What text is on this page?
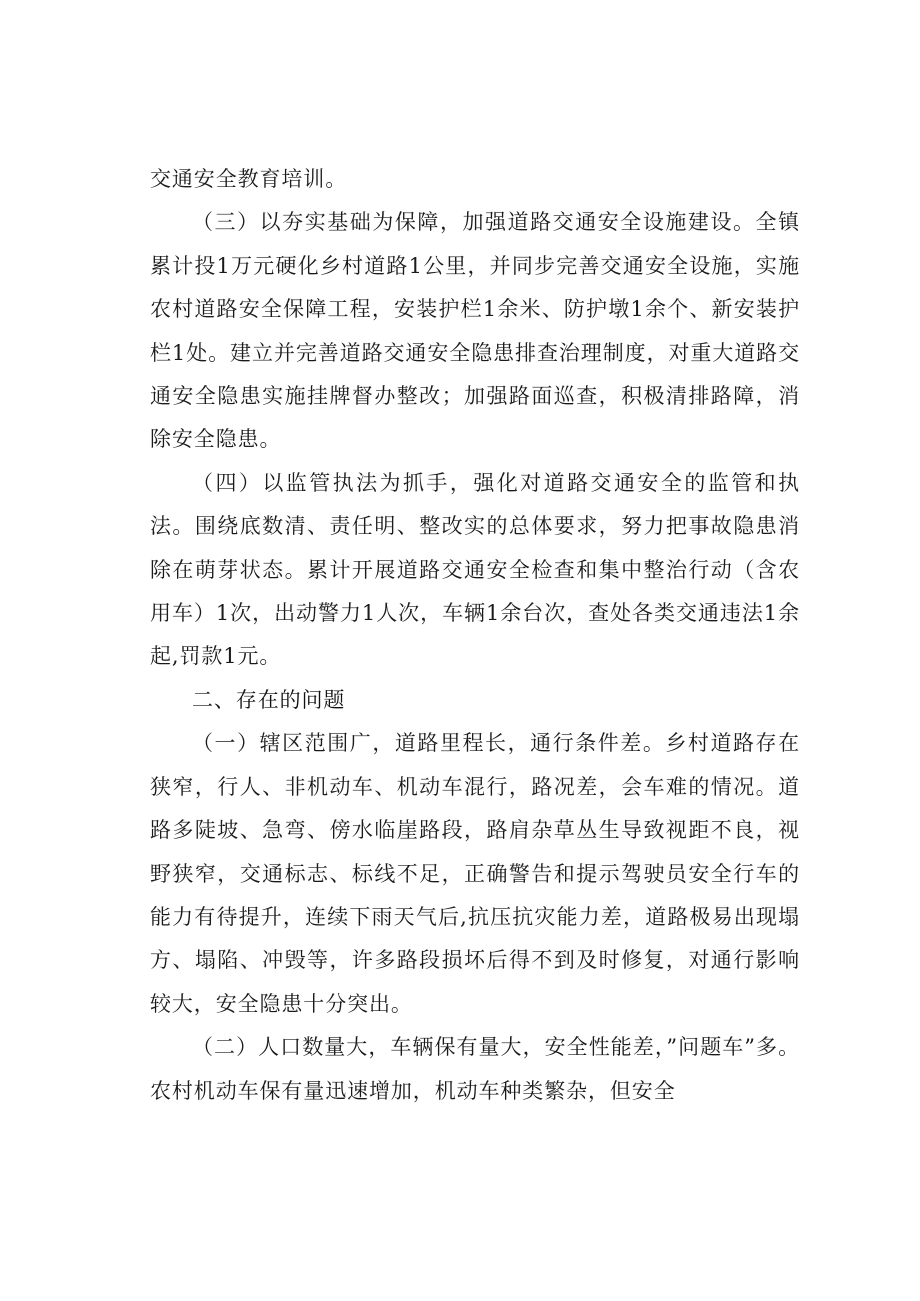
交通安全教育培训。

（三）以夯实基础为保障，加强道路交通安全设施建设。全镇累计投1万元硬化乡村道路1公里，并同步完善交通安全设施，实施农村道路安全保障工程，安装护栏1余米、防护墩1余个、新安装护栏1处。建立并完善道路交通安全隐患排查治理制度，对重大道路交通安全隐患实施挂牌督办整改；加强路面巡查，积极清排路障，消除安全隐患。

（四）以监管执法为抓手，强化对道路交通安全的监管和执法。围绕底数清、责任明、整改实的总体要求，努力把事故隐患消除在萌芽状态。累计开展道路交通安全检查和集中整治行动（含农用车）1次，出动警力1人次，车辆1余台次，查处各类交通违法1余起,罚款1元。

二、存在的问题

（一）辖区范围广，道路里程长，通行条件差。乡村道路存在狭窄，行人、非机动车、机动车混行，路况差，会车难的情况。道路多陡坡、急弯、傍水临崖路段，路肩杂草丛生导致视距不良，视野狭窄，交通标志、标线不足，正确警告和提示驾驶员安全行车的能力有待提升，连续下雨天气后,抗压抗灾能力差，道路极易出现塌方、塌陷、冲毁等，许多路段损坏后得不到及时修复，对通行影响较大，安全隐患十分突出。

（二）人口数量大，车辆保有量大，安全性能差，”问题车”多。农村机动车保有量迅速增加，机动车种类繁杂，但安全
